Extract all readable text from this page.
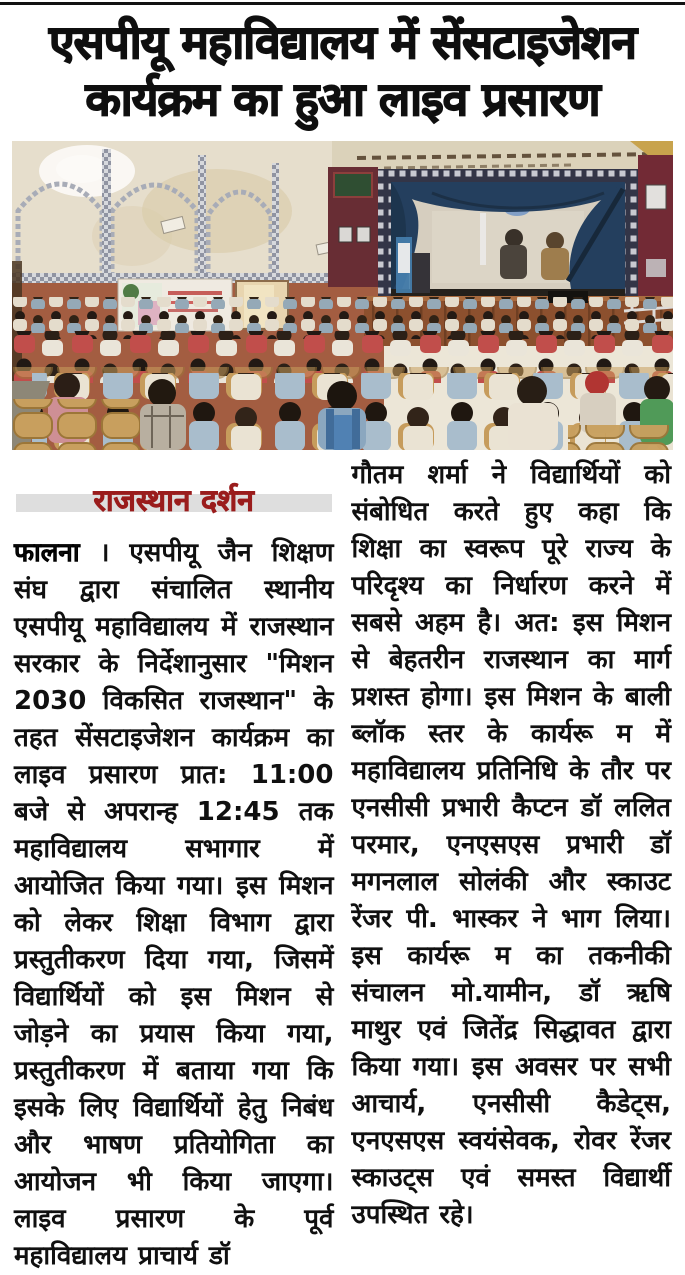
एसपीयू महाविद्यालय में सेंसटाइजेशन
कार्यक्रम का हुआ लाइव प्रसारण
राजस्थान दर्शन

फालना । एसपीयू जैन शिक्षण संघ द्वारा संचालित स्थानीय एसपीयू महाविद्यालय में राजस्थान सरकार के निर्देशानुसार "मिशन 2030 विकसित राजस्थान" के तहत सेंसटाइजेशन कार्यक्रम का लाइव प्रसारण प्रात: 11:00 बजे से अपरान्ह 12:45 तक महाविद्यालय सभागार में आयोजित किया गया। इस मिशन को लेकर शिक्षा विभाग द्वारा प्रस्तुतीकरण दिया गया, जिसमें विद्यार्थियों को इस मिशन से जोड़ने का प्रयास किया गया, प्रस्तुतीकरण में बताया गया कि इसके लिए विद्यार्थियों हेतु निबंध और भाषण प्रतियोगिता का आयोजन भी किया जाएगा। लाइव प्रसारण के पूर्व महाविद्यालय प्राचार्य डॉ

गौतम शर्मा ने विद्यार्थियों को संबोधित करते हुए कहा कि शिक्षा का स्वरूप पूरे राज्य के परिदृश्य का निर्धारण करने में सबसे अहम है। अत: इस मिशन से बेहतरीन राजस्थान का मार्ग प्रशस्त होगा। इस मिशन के बाली ब्लॉक स्तर के कार्यरू म में महाविद्यालय प्रतिनिधि के तौर पर एनसीसी प्रभारी कैप्टन डॉ ललित परमार, एनएसएस प्रभारी डॉ मगनलाल सोलंकी और स्काउट रेंजर पी. भास्कर ने भाग लिया। इस कार्यरू म का तकनीकी संचालन मो.यामीन, डॉ ऋषि माथुर एवं जितेंद्र सिद्धावत द्वारा किया गया। इस अवसर पर सभी आचार्य, एनसीसी कैडेट्स, एनएसएस स्वयंसेवक, रोवर रेंजर स्काउट्स एवं समस्त विद्यार्थी उपस्थित रहे।
